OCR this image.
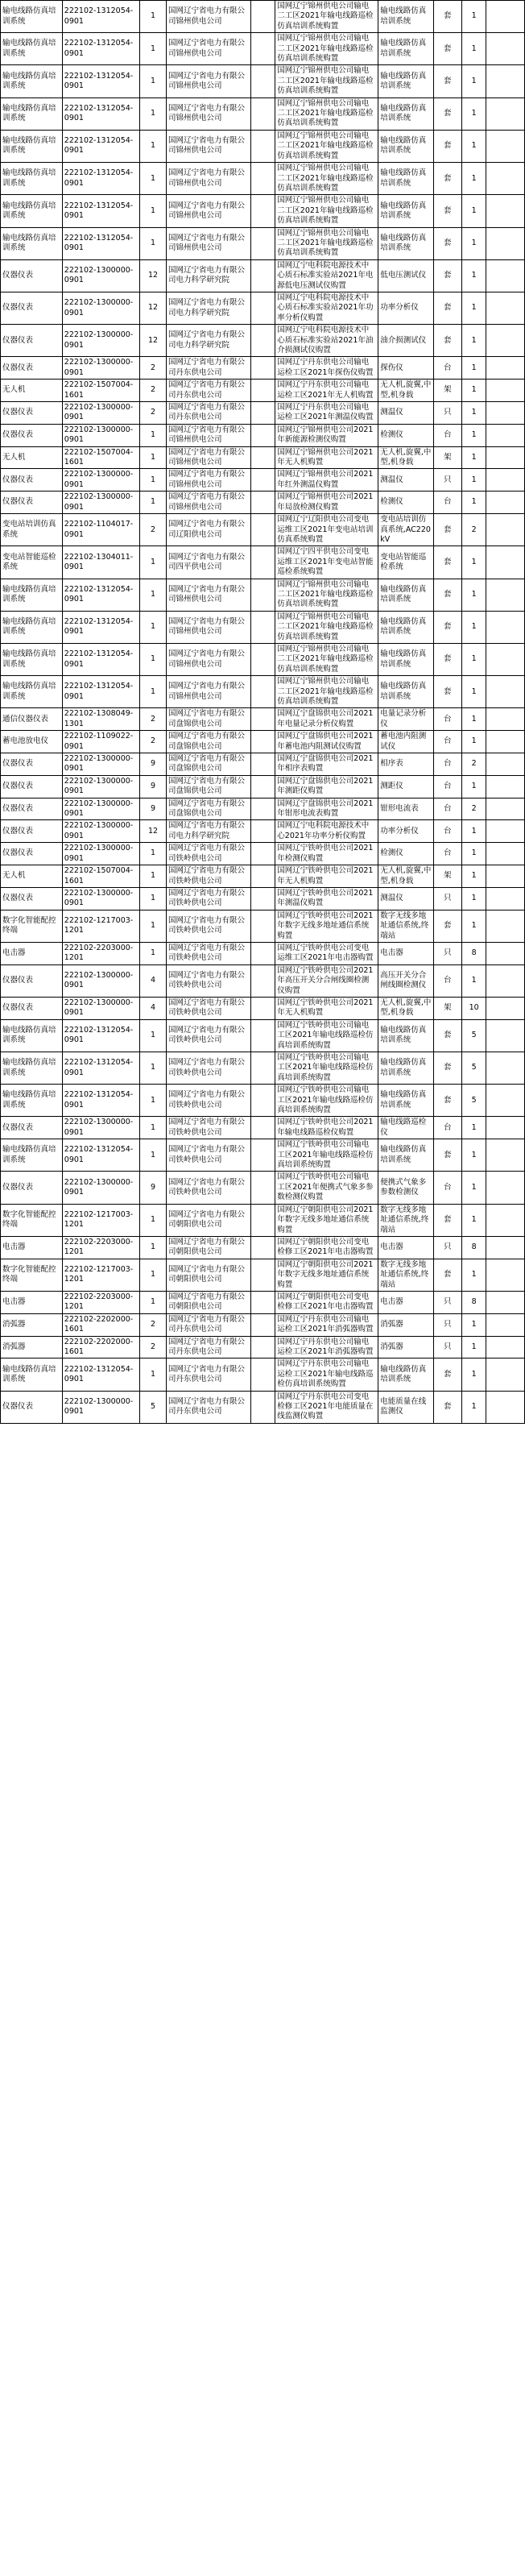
输电线路仿真培训系统	222102-1312054-0901	1	国网辽宁省电力有限公司锦州供电公司		国网辽宁锦州供电公司输电二工区2021年输电线路巡检仿真培训系统购置	输电线路仿真培训系统	套	1	
输电线路仿真培训系统	222102-1312054-0901	1	国网辽宁省电力有限公司锦州供电公司		国网辽宁锦州供电公司输电二工区2021年输电线路巡检仿真培训系统购置	输电线路仿真培训系统	套	1	
输电线路仿真培训系统	222102-1312054-0901	1	国网辽宁省电力有限公司锦州供电公司		国网辽宁锦州供电公司输电二工区2021年输电线路巡检仿真培训系统购置	输电线路仿真培训系统	套	1	
输电线路仿真培训系统	222102-1312054-0901	1	国网辽宁省电力有限公司锦州供电公司		国网辽宁锦州供电公司输电二工区2021年输电线路巡检仿真培训系统购置	输电线路仿真培训系统	套	1	
输电线路仿真培训系统	222102-1312054-0901	1	国网辽宁省电力有限公司锦州供电公司		国网辽宁锦州供电公司输电二工区2021年输电线路巡检仿真培训系统购置	输电线路仿真培训系统	套	1	
输电线路仿真培训系统	222102-1312054-0901	1	国网辽宁省电力有限公司锦州供电公司		国网辽宁锦州供电公司输电二工区2021年输电线路巡检仿真培训系统购置	输电线路仿真培训系统	套	1	
输电线路仿真培训系统	222102-1312054-0901	1	国网辽宁省电力有限公司锦州供电公司		国网辽宁锦州供电公司输电二工区2021年输电线路巡检仿真培训系统购置	输电线路仿真培训系统	套	1	
输电线路仿真培训系统	222102-1312054-0901	1	国网辽宁省电力有限公司锦州供电公司		国网辽宁锦州供电公司输电二工区2021年输电线路巡检仿真培训系统购置	输电线路仿真培训系统	套	1	
仪器仪表	222102-1300000-0901	12	国网辽宁省电力有限公司电力科学研究院		国网辽宁电科院电源技术中心质石标准实验站2021年电源低电压测试仪购置	低电压测试仪	套	1	
仪器仪表	222102-1300000-0901	12	国网辽宁省电力有限公司电力科学研究院		国网辽宁电科院电源技术中心质石标准实验站2021年功率分析仪购置	功率分析仪	套	1	
仪器仪表	222102-1300000-0901	12	国网辽宁省电力有限公司电力科学研究院		国网辽宁电科院电源技术中心质石标准实验站2021年油介损测试仪购置	油介损测试仪	套	1	
仪器仪表	222102-1300000-0901	2	国网辽宁省电力有限公司丹东供电公司		国网辽宁丹东供电公司输电运检工区2021年探伤仪购置	探伤仪	台	1	
无人机	222102-1507004-1601	2	国网辽宁省电力有限公司丹东供电公司		国网辽宁丹东供电公司输电运检工区2021年无人机购置	无人机,旋翼,中型,机身载	架	1	
仪器仪表	222102-1300000-0901	2	国网辽宁省电力有限公司丹东供电公司		国网辽宁丹东供电公司输电运检工区2021年测温仪购置	测温仪	只	1	
仪器仪表	222102-1300000-0901	1	国网辽宁省电力有限公司锦州供电公司		国网辽宁锦州供电公司2021年新能源检测仪购置	检测仪	台	1	
无人机	222102-1507004-1601	1	国网辽宁省电力有限公司锦州供电公司		国网辽宁锦州供电公司2021年无人机购置	无人机,旋翼,中型,机身载	架	1	
仪器仪表	222102-1300000-0901	1	国网辽宁省电力有限公司锦州供电公司		国网辽宁锦州供电公司2021年红外测温仪购置	测温仪	只	1	
仪器仪表	222102-1300000-0901	1	国网辽宁省电力有限公司锦州供电公司		国网辽宁锦州供电公司2021年局放检测仪购置	检测仪	台	1	
变电站培训仿真系统	222102-1104017-0901	2	国网辽宁省电力有限公司辽阳供电公司		国网辽宁辽阳供电公司变电运维工区2021年变电站培训仿真系统购置	变电站培训仿真系统,AC220kV	套	2	
变电站智能巡检系统	222102-1304011-0901	1	国网辽宁省电力有限公司四平供电公司		国网辽宁四平供电公司变电运维工区2021年变电站智能巡检系统购置	变电站智能巡检系统	套	1	
输电线路仿真培训系统	222102-1312054-0901	1	国网辽宁省电力有限公司锦州供电公司		国网辽宁锦州供电公司输电二工区2021年输电线路巡检仿真培训系统购置	输电线路仿真培训系统	套	1	
输电线路仿真培训系统	222102-1312054-0901	1	国网辽宁省电力有限公司锦州供电公司		国网辽宁锦州供电公司输电二工区2021年输电线路巡检仿真培训系统购置	输电线路仿真培训系统	套	1	
输电线路仿真培训系统	222102-1312054-0901	1	国网辽宁省电力有限公司锦州供电公司		国网辽宁锦州供电公司输电二工区2021年输电线路巡检仿真培训系统购置	输电线路仿真培训系统	套	1	
输电线路仿真培训系统	222102-1312054-0901	1	国网辽宁省电力有限公司锦州供电公司		国网辽宁锦州供电公司输电二工区2021年输电线路巡检仿真培训系统购置	输电线路仿真培训系统	套	1	
通信仪器仪表	222102-1308049-1301	2	国网辽宁省电力有限公司盘锦供电公司		国网辽宁盘锦供电公司2021年电量记录分析仪购置	电量记录分析仪	台	1	
蓄电池放电仪	222102-1109022-0901	2	国网辽宁省电力有限公司盘锦供电公司		国网辽宁盘锦供电公司2021年蓄电池内阻测试仪购置	蓄电池内阻测试仪	台	1	
仪器仪表	222102-1300000-0901	9	国网辽宁省电力有限公司盘锦供电公司		国网辽宁盘锦供电公司2021年相序表购置	相序表	台	2	
仪器仪表	222102-1300000-0901	9	国网辽宁省电力有限公司盘锦供电公司		国网辽宁盘锦供电公司2021年测距仪购置	测距仪	台	1	
仪器仪表	222102-1300000-0901	9	国网辽宁省电力有限公司盘锦供电公司		国网辽宁盘锦供电公司2021年钳形电流表购置	钳形电流表	台	2	
仪器仪表	222102-1300000-0901	12	国网辽宁省电力有限公司电力科学研究院		国网辽宁电科院电源技术中心2021年功率分析仪购置	功率分析仪	台	1	
仪器仪表	222102-1300000-0901	1	国网辽宁省电力有限公司铁岭供电公司		国网辽宁铁岭供电公司2021年检测仪购置	检测仪	台	1	
无人机	222102-1507004-1601	1	国网辽宁省电力有限公司铁岭供电公司		国网辽宁铁岭供电公司2021年无人机购置	无人机,旋翼,中型,机身载	架	1	
仪器仪表	222102-1300000-0901	1	国网辽宁省电力有限公司铁岭供电公司		国网辽宁铁岭供电公司2021年测温仪购置	测温仪	只	1	
数字化智能配控终端	222102-1217003-1201	1	国网辽宁省电力有限公司铁岭供电公司		国网辽宁铁岭供电公司2021年数字无线多地址通信系统购置	数字无线多地址通信系统,终端站	套	1	
电击器	222102-2203000-1201	1	国网辽宁省电力有限公司铁岭供电公司		国网辽宁铁岭供电公司变电运维工区2021年电击器购置	电击器	只	8	
仪器仪表	222102-1300000-0901	4	国网辽宁省电力有限公司铁岭供电公司		国网辽宁铁岭供电公司2021年高压开关分合闸线圈检测仪购置	高压开关分合闸线圈检测仪	台	1	
仪器仪表	222102-1300000-0901	4	国网辽宁省电力有限公司铁岭供电公司		国网辽宁铁岭供电公司2021年无人机购置	无人机,旋翼,中型,机身载	架	10	
输电线路仿真培训系统	222102-1312054-0901	1	国网辽宁省电力有限公司铁岭供电公司		国网辽宁铁岭供电公司输电工区2021年输电线路巡检仿真培训系统购置	输电线路仿真培训系统	套	5	
输电线路仿真培训系统	222102-1312054-0901	1	国网辽宁省电力有限公司铁岭供电公司		国网辽宁铁岭供电公司输电工区2021年输电线路巡检仿真培训系统购置	输电线路仿真培训系统	套	5	
输电线路仿真培训系统	222102-1312054-0901	1	国网辽宁省电力有限公司铁岭供电公司		国网辽宁铁岭供电公司输电工区2021年输电线路巡检仿真培训系统购置	输电线路仿真培训系统	套	5	
仪器仪表	222102-1300000-0901	1	国网辽宁省电力有限公司铁岭供电公司		国网辽宁铁岭供电公司2021年输电线路巡检仪购置	输电线路巡检仪	台	1	
输电线路仿真培训系统	222102-1312054-0901	1	国网辽宁省电力有限公司铁岭供电公司		国网辽宁铁岭供电公司输电工区2021年输电线路巡检仿真培训系统购置	输电线路仿真培训系统	套	1	
仪器仪表	222102-1300000-0901	9	国网辽宁省电力有限公司铁岭供电公司		国网辽宁铁岭供电公司输电工区2021年便携式气象多参数检测仪购置	便携式气象多参数检测仪	台	1	
数字化智能配控终端	222102-1217003-1201	1	国网辽宁省电力有限公司朝阳供电公司		国网辽宁朝阳供电公司2021年数字无线多地址通信系统购置	数字无线多地址通信系统,终端站	套	1	
电击器	222102-2203000-1201	1	国网辽宁省电力有限公司朝阳供电公司		国网辽宁朝阳供电公司变电检修工区2021年电击器购置	电击器	只	8	
数字化智能配控终端	222102-1217003-1201	1	国网辽宁省电力有限公司朝阳供电公司		国网辽宁朝阳供电公司2021年数字无线多地址通信系统购置	数字无线多地址通信系统,终端站	套	1	
电击器	222102-2203000-1201	1	国网辽宁省电力有限公司朝阳供电公司		国网辽宁朝阳供电公司变电检修工区2021年电击器购置	电击器	只	8	
消弧器	222102-2202000-1601	2	国网辽宁省电力有限公司丹东供电公司		国网辽宁丹东供电公司输电运检工区2021年消弧器购置	消弧器	只	1	
消弧器	222102-2202000-1601	2	国网辽宁省电力有限公司丹东供电公司		国网辽宁丹东供电公司输电运检工区2021年消弧器购置	消弧器	只	1	
输电线路仿真培训系统	222102-1312054-0901	1	国网辽宁省电力有限公司丹东供电公司		国网辽宁丹东供电公司输电运检工区2021年输电线路巡检仿真培训系统购置	输电线路仿真培训系统	套	1	
仪器仪表	222102-1300000-0901	5	国网辽宁省电力有限公司丹东供电公司		国网辽宁丹东供电公司变电检修工区2021年电能质量在线监测仪购置	电能质量在线监测仪	套	1	
